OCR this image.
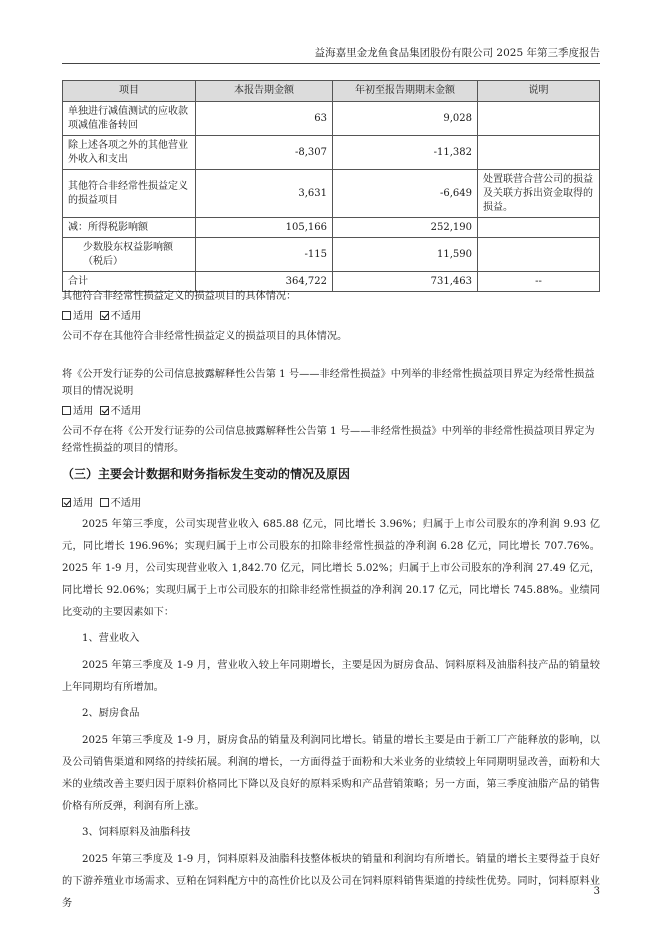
益海嘉里金龙鱼食品集团股份有限公司 2025 年第三季度报告
项目	本报告期金额	年初至报告期期末金额	说明
单独进行减值测试的应收款项减值准备转回	63	9,028	
除上述各项之外的其他营业外收入和支出	-8,307	-11,382	
其他符合非经常性损益定义的损益项目	3,631	-6,649	处置联营合营公司的损益及关联方拆出资金取得的损益。
减：所得税影响额	105,166	252,190	
少数股东权益影响额（税后）	-115	11,590	
合计	364,722	731,463	--
其他符合非经常性损益定义的损益项目的具体情况：
适用 不适用
公司不存在其他符合非经常性损益定义的损益项目的具体情况。
将《公开发行证券的公司信息披露解释性公告第 1 号——非经常性损益》中列举的非经常性损益项目界定为经常性损益项目的情况说明
适用 不适用
公司不存在将《公开发行证券的公司信息披露解释性公告第 1 号——非经常性损益》中列举的非经常性损益项目界定为经常性损益的项目的情形。
（三）主要会计数据和财务指标发生变动的情况及原因
适用 不适用
2025 年第三季度，公司实现营业收入 685.88 亿元，同比增长 3.96%；归属于上市公司股东的净利润 9.93 亿元，同比增长 196.96%；实现归属于上市公司股东的扣除非经常性损益的净利润 6.28 亿元，同比增长 707.76%。2025 年 1-9 月，公司实现营业收入 1,842.70 亿元，同比增长 5.02%；归属于上市公司股东的净利润 27.49 亿元，同比增长 92.06%；实现归属于上市公司股东的扣除非经常性损益的净利润 20.17 亿元，同比增长 745.88%。业绩同比变动的主要因素如下：
1、营业收入
2025 年第三季度及 1-9 月，营业收入较上年同期增长，主要是因为厨房食品、饲料原料及油脂科技产品的销量较上年同期均有所增加。
2、厨房食品
2025 年第三季度及 1-9 月，厨房食品的销量及利润同比增长。销量的增长主要是由于新工厂产能释放的影响，以及公司销售渠道和网络的持续拓展。利润的增长，一方面得益于面粉和大米业务的业绩较上年同期明显改善，面粉和大米的业绩改善主要归因于原料价格同比下降以及良好的原料采购和产品营销策略；另一方面，第三季度油脂产品的销售价格有所反弹，利润有所上涨。
3、饲料原料及油脂科技
2025 年第三季度及 1-9 月，饲料原料及油脂科技整体板块的销量和利润均有所增长。销量的增长主要得益于良好的下游养殖业市场需求、豆粕在饲料配方中的高性价比以及公司在饲料原料销售渠道的持续性优势。同时，饲料原料业务
3
